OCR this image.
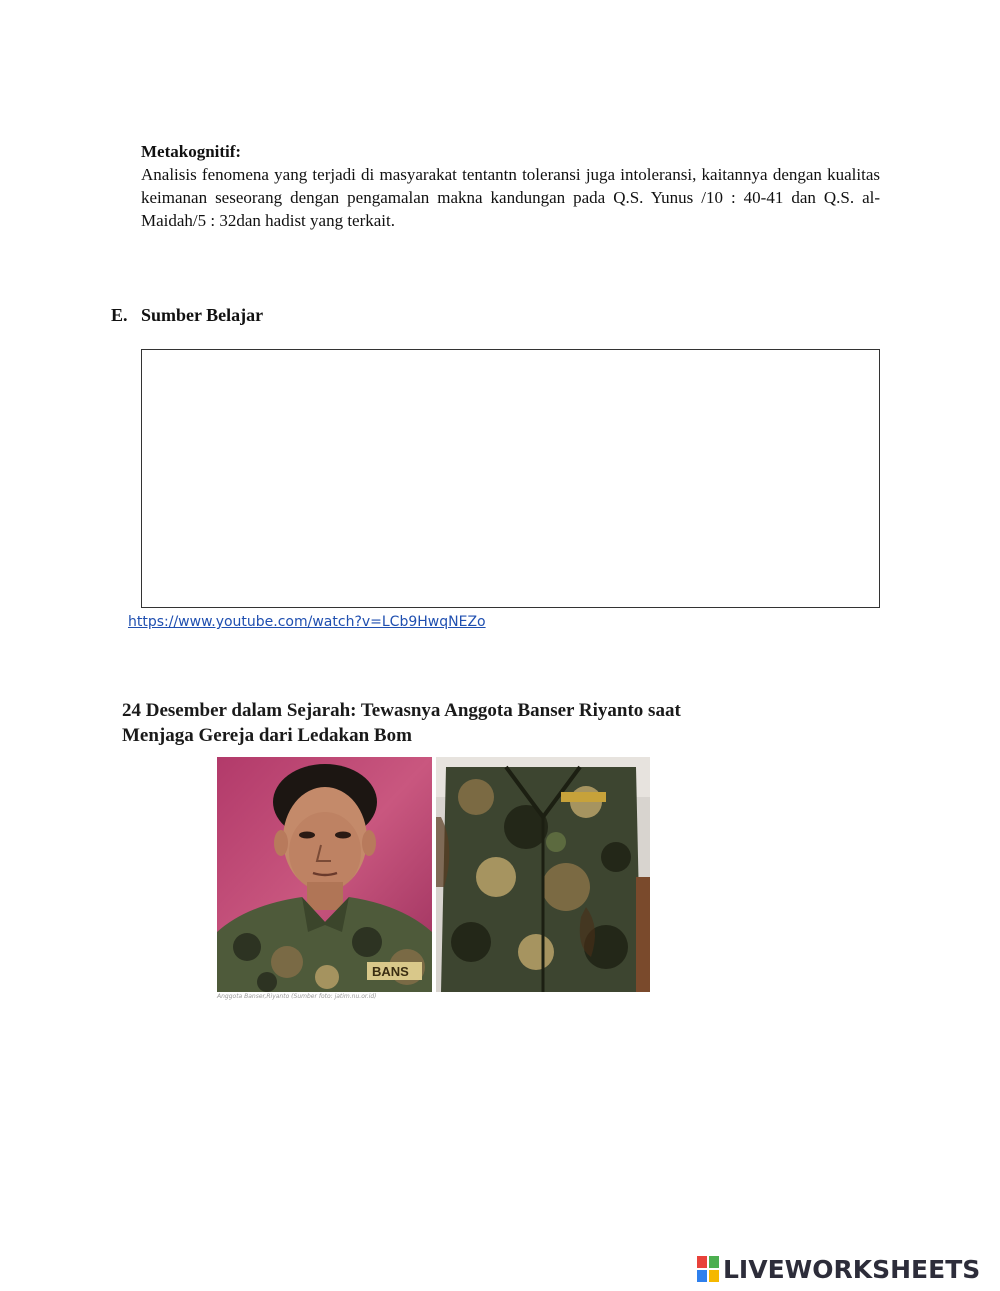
Metakognitif:
Analisis fenomena yang terjadi di masyarakat tentantn toleransi juga intoleransi, kaitannya dengan kualitas keimanan seseorang dengan pengamalan makna kandungan pada Q.S. Yunus /10 : 40-41 dan Q.S. al-Maidah/5 : 32dan hadist yang terkait.
E. Sumber Belajar
https://www.youtube.com/watch?v=LCb9HwqNEZo
24 Desember dalam Sejarah: Tewasnya Anggota Banser Riyanto saat
Menjaga Gereja dari Ledakan Bom
BANS
Anggota Banser,Riyanto (Sumber foto: jatim.nu.or.id)
LIVEWORKSHEETS
